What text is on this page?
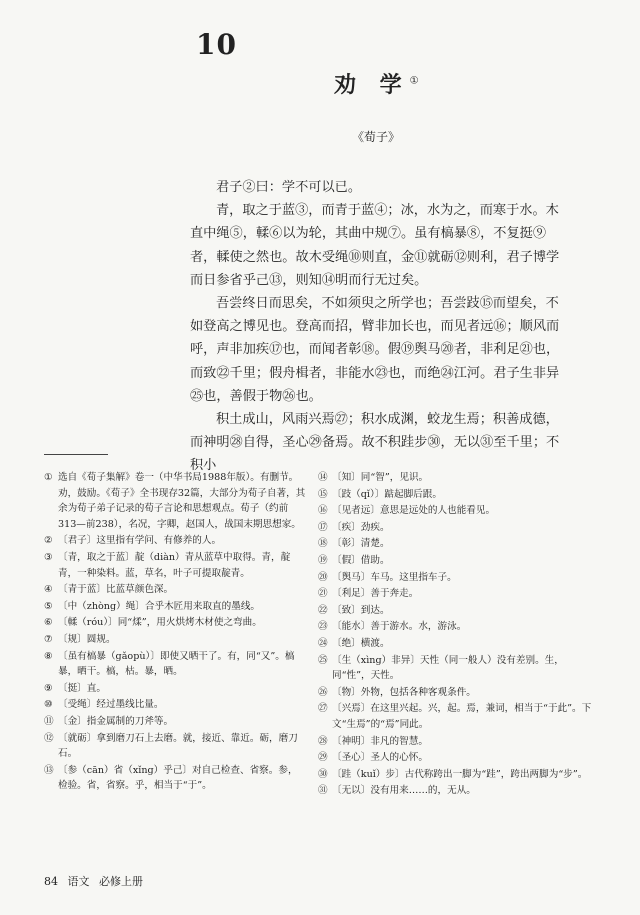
10
劝 学①
《荀子》

君子②曰：学不可以已。

青，取之于蓝③，而青于蓝④；冰，水为之，而寒于水。木直中绳⑤，輮⑥以为轮，其曲中规⑦。虽有槁暴⑧，不复挺⑨者，輮使之然也。故木受绳⑩则直，金⑪就砺⑫则利，君子博学而日参省乎己⑬，则知⑭明而行无过矣。

吾尝终日而思矣，不如须臾之所学也；吾尝跂⑮而望矣，不如登高之博见也。登高而招，臂非加长也，而见者远⑯；顺风而呼，声非加疾⑰也，而闻者彰⑱。假⑲舆马⑳者，非利足㉑也，而致㉒千里；假舟楫者，非能水㉓也，而绝㉔江河。君子生非异㉕也，善假于物㉖也。

积土成山，风雨兴焉㉗；积水成渊，蛟龙生焉；积善成德，而神明㉘自得，圣心㉙备焉。故不积跬步㉚，无以㉛至千里；不积小

① 选自《荀子集解》卷一（中华书局1988年版）。有删节。劝，鼓励。《荀子》全书现存32篇，大部分为荀子自著，其余为荀子弟子记录的荀子言论和思想观点。荀子（约前313—前238），名况，字卿，赵国人，战国末期思想家。
② 〔君子〕这里指有学问、有修养的人。
③ 〔青，取之于蓝〕靛（diàn）青从蓝草中取得。青，靛青，一种染料。蓝，草名，叶子可提取靛青。
④ 〔青于蓝〕比蓝草颜色深。
⑤ 〔中（zhòng）绳〕合乎木匠用来取直的墨线。
⑥ 〔輮（róu）〕同“煣”，用火烘烤木材使之弯曲。
⑦ 〔规〕圆规。
⑧ 〔虽有槁暴（gǎopù）〕即使又晒干了。有，同“又”。槁暴，晒干。槁，枯。暴，晒。
⑨ 〔挺〕直。
⑩ 〔受绳〕经过墨线比量。
⑪ 〔金〕指金属制的刀斧等。
⑫ 〔就砺〕拿到磨刀石上去磨。就，接近、靠近。砺，磨刀石。
⑬ 〔参（cān）省（xǐng）乎己〕对自己检查、省察。参，检验。省，省察。乎，相当于“于”。
⑭ 〔知〕同“智”，见识。
⑮ 〔跂（qǐ）〕踮起脚后跟。
⑯ 〔见者远〕意思是远处的人也能看见。
⑰ 〔疾〕劲疾。
⑱ 〔彰〕清楚。
⑲ 〔假〕借助。
⑳ 〔舆马〕车马。这里指车子。
㉑ 〔利足〕善于奔走。
㉒ 〔致〕到达。
㉓ 〔能水〕善于游水。水，游泳。
㉔ 〔绝〕横渡。
㉕ 〔生（xìng）非异〕天性（同一般人）没有差别。生，同“性”，天性。
㉖ 〔物〕外物，包括各种客观条件。
㉗ 〔兴焉〕在这里兴起。兴，起。焉，兼词，相当于“于此”。下文“生焉”的“焉”同此。
㉘ 〔神明〕非凡的智慧。
㉙ 〔圣心〕圣人的心怀。
㉚ 〔跬（kuǐ）步〕古代称跨出一脚为“跬”，跨出两脚为“步”。
㉛ 〔无以〕没有用来……的，无从。
84 语文 必修上册
